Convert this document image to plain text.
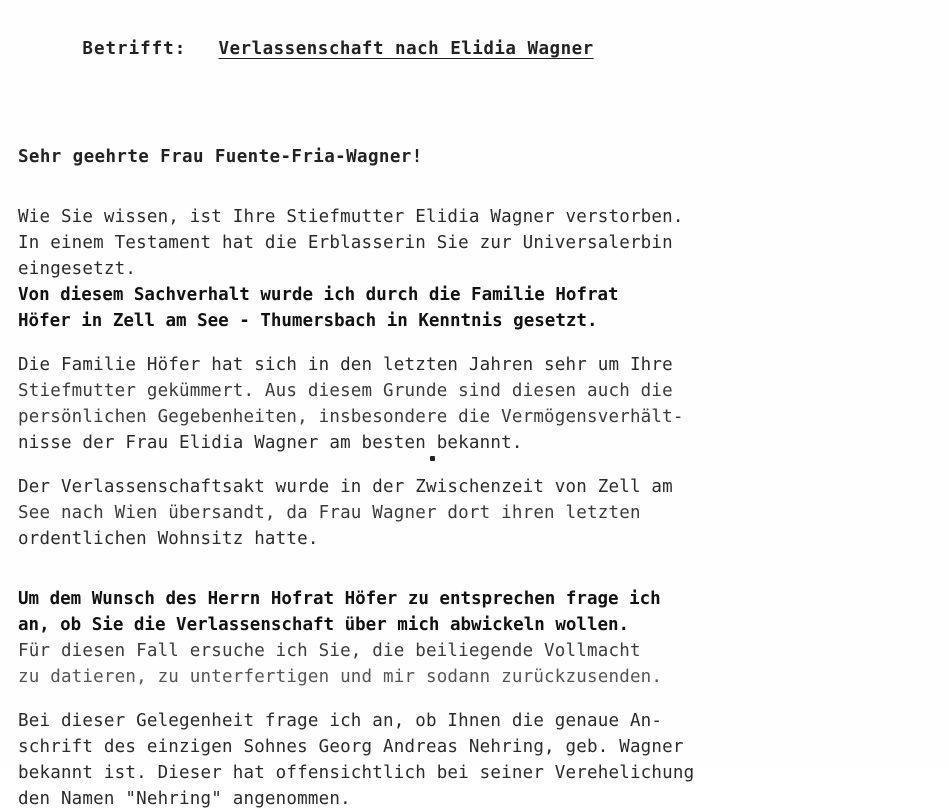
Betrifft: Verlassenschaft nach Elidia Wagner

Sehr geehrte Frau Fuente-Fria-Wagner!
Wie Sie wissen, ist Ihre Stiefmutter Elidia Wagner verstorben.
In einem Testament hat die Erblasserin Sie zur Universalerbin
eingesetzt.
Von diesem Sachverhalt wurde ich durch die Familie Hofrat
Höfer in Zell am See - Thumersbach in Kenntnis gesetzt.
Die Familie Höfer hat sich in den letzten Jahren sehr um Ihre
Stiefmutter gekümmert. Aus diesem Grunde sind diesen auch die
persönlichen Gegebenheiten, insbesondere die Vermögensverhält-
nisse der Frau Elidia Wagner am besten bekannt.
Der Verlassenschaftsakt wurde in der Zwischenzeit von Zell am
See nach Wien übersandt, da Frau Wagner dort ihren letzten
ordentlichen Wohnsitz hatte.
Um dem Wunsch des Herrn Hofrat Höfer zu entsprechen frage ich
an, ob Sie die Verlassenschaft über mich abwickeln wollen.
Für diesen Fall ersuche ich Sie, die beiliegende Vollmacht
zu datieren, zu unterfertigen und mir sodann zurückzusenden.
Bei dieser Gelegenheit frage ich an, ob Ihnen die genaue An-
schrift des einzigen Sohnes Georg Andreas Nehring, geb. Wagner
bekannt ist. Dieser hat offensichtlich bei seiner Verehelichung
den Namen "Nehring" angenommen.
